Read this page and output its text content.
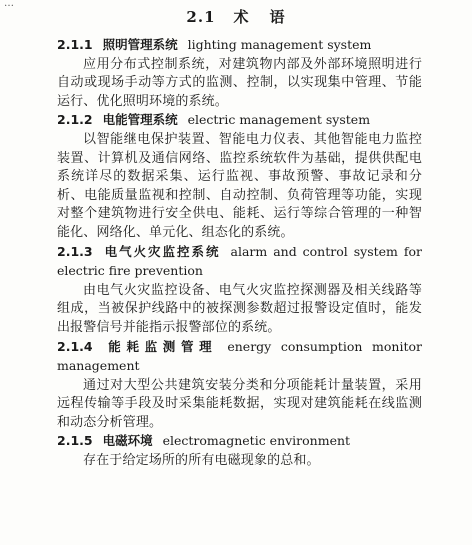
…
2.1 术 语
2.1.1 照明管理系统 lighting management system
应用分布式控制系统，对建筑物内部及外部环境照明进行自动或现场手动等方式的监测、控制，以实现集中管理、节能运行、优化照明环境的系统。
2.1.2 电能管理系统 electric management system
以智能继电保护装置、智能电力仪表、其他智能电力监控装置、计算机及通信网络、监控系统软件为基础，提供供配电系统详尽的数据采集、运行监视、事故预警、事故记录和分析、电能质量监视和控制、自动控制、负荷管理等功能，实现对整个建筑物进行安全供电、能耗、运行等综合管理的一种智能化、网络化、单元化、组态化的系统。
2.1.3 电气火灾监控系统 alarm and control system for electric fire prevention
由电气火灾监控设备、电气火灾监控探测器及相关线路等组成，当被保护线路中的被探测参数超过报警设定值时，能发出报警信号并能指示报警部位的系统。
2.1.4 能耗监测管理 energy consumption monitor management
通过对大型公共建筑安装分类和分项能耗计量装置，采用远程传输等手段及时采集能耗数据，实现对建筑能耗在线监测和动态分析管理。
2.1.5 电磁环境 electromagnetic environment
存在于给定场所的所有电磁现象的总和。
